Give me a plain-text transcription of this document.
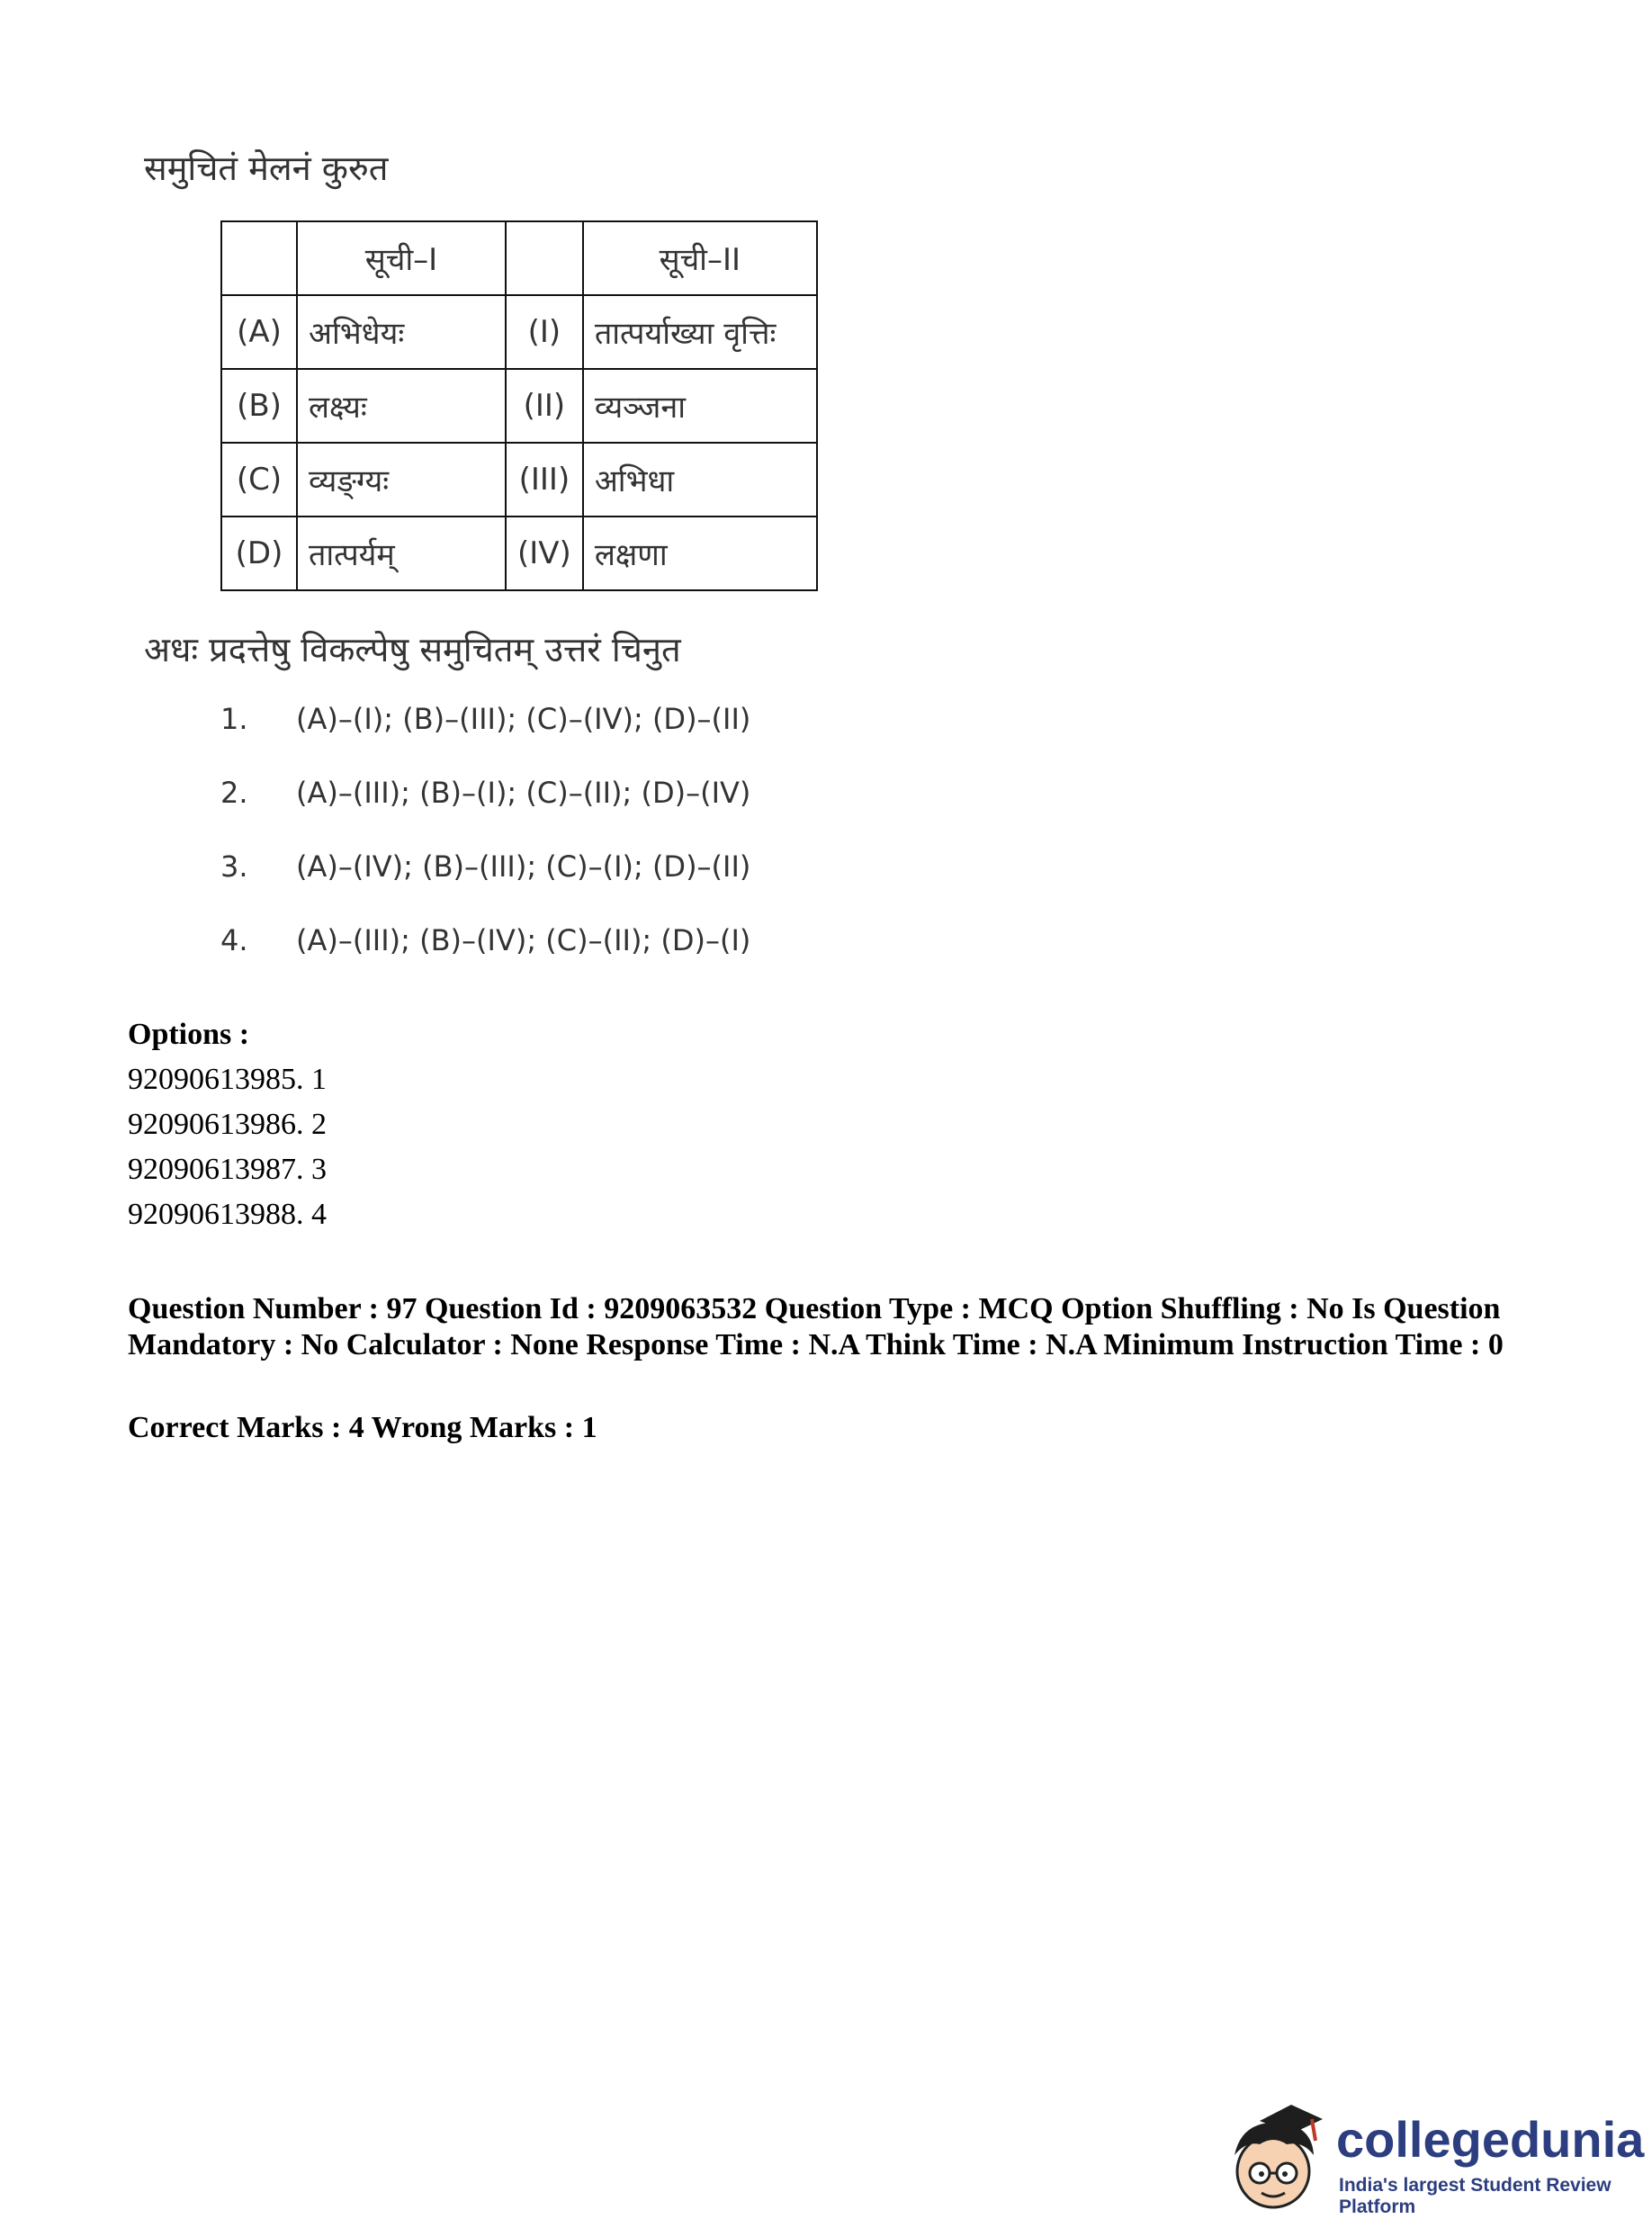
समुचितं मेलनं कुरुत
	सूची–I		सूची–II
(A)	अभिधेयः	(I)	तात्पर्याख्या वृत्तिः
(B)	लक्ष्यः	(II)	व्यञ्जना
(C)	व्यङ्ग्यः	(III)	अभिधा
(D)	तात्पर्यम्	(IV)	लक्षणा
अधः प्रदत्तेषु विकल्पेषु समुचितम् उत्तरं चिनुत
1.	(A)–(I); (B)–(III); (C)–(IV); (D)–(II)
2.	(A)–(III); (B)–(I); (C)–(II); (D)–(IV)
3.	(A)–(IV); (B)–(III); (C)–(I); (D)–(II)
4.	(A)–(III); (B)–(IV); (C)–(II); (D)–(I)
Options :
92090613985. 1
92090613986. 2
92090613987. 3
92090613988. 4
Question Number : 97 Question Id : 9209063532 Question Type : MCQ Option Shuffling : No Is Question Mandatory : No Calculator : None Response Time : N.A Think Time : N.A Minimum Instruction Time : 0
Correct Marks : 4 Wrong Marks : 1
collegedunia
India's largest Student Review Platform
